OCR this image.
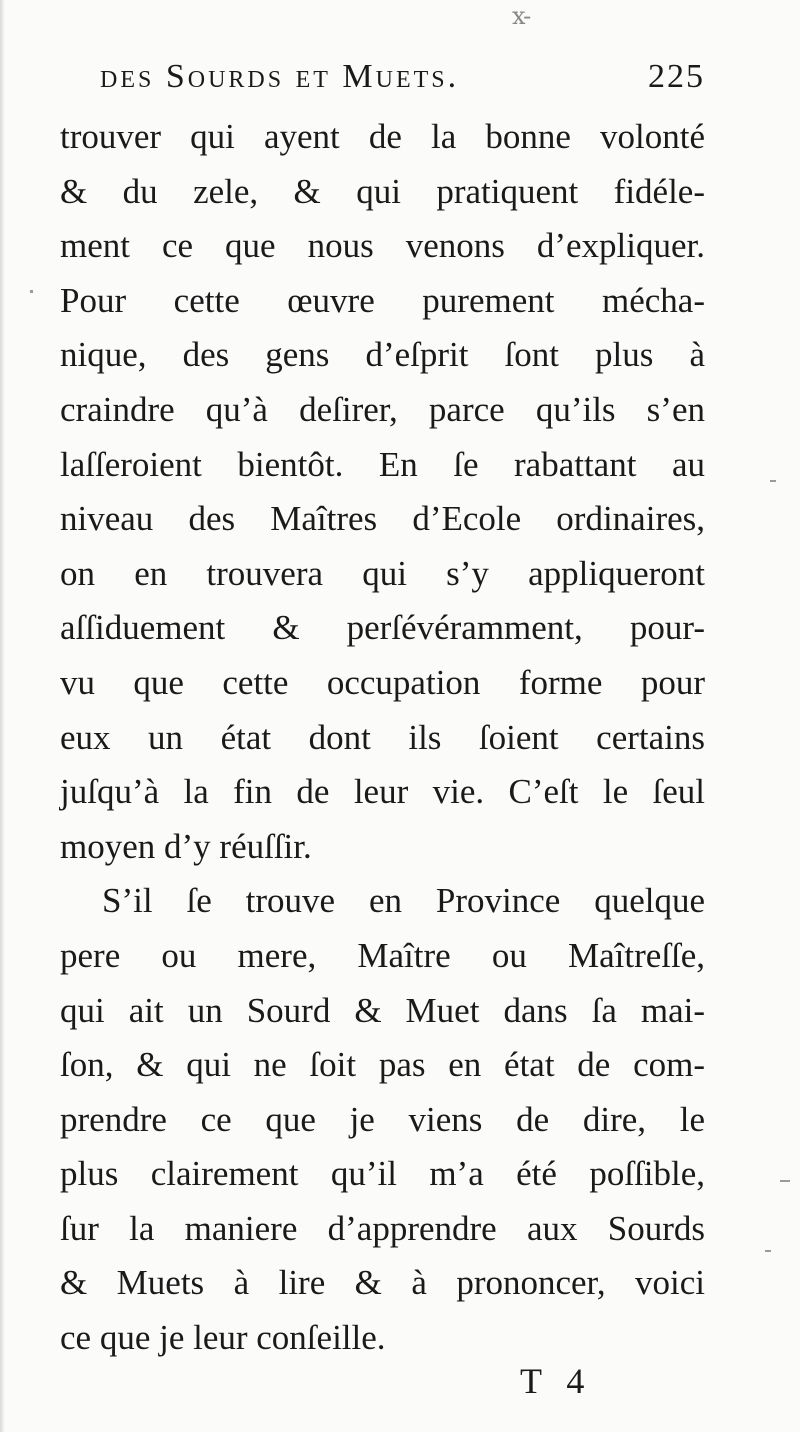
x-
des Sourds et Muets.	225
trouver qui ayent de la bonne volonté
& du zele, & qui pratiquent fidéle-
ment ce que nous venons d’expliquer.
Pour cette œuvre purement mécha-
nique, des gens d’eſprit ſont plus à
craindre qu’à deſirer, parce qu’ils s’en
laſſeroient bientôt. En ſe rabattant au
niveau des Maîtres d’Ecole ordinaires,
on en trouvera qui s’y appliqueront
aſſiduement & perſévéramment, pour-
vu que cette occupation forme pour
eux un état dont ils ſoient certains
juſqu’à la fin de leur vie. C’eſt le ſeul
moyen d’y réuſſir.
S’il ſe trouve en Province quelque
pere ou mere, Maître ou Maîtreſſe,
qui ait un Sourd & Muet dans ſa mai-
ſon, & qui ne ſoit pas en état de com-
prendre ce que je viens de dire, le
plus clairement qu’il m’a été poſſible,
ſur la maniere d’apprendre aux Sourds
& Muets à lire & à prononcer, voici
ce que je leur conſeille.
T 4
